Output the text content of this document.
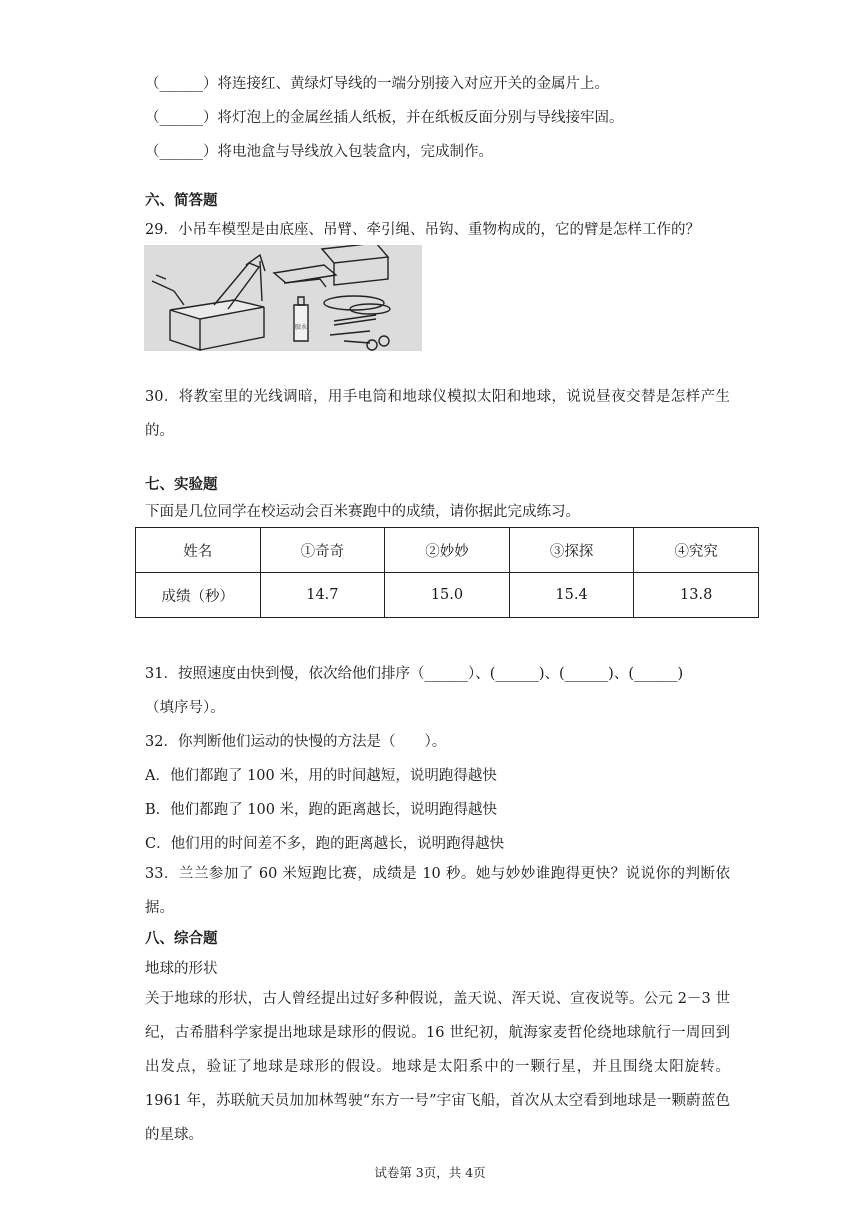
（______）将连接红、黄绿灯导线的一端分别接入对应开关的金属片上。
（______）将灯泡上的金属丝插人纸板，并在纸板反面分别与导线接牢固。
（______）将电池盒与导线放入包装盒内，完成制作。
六、简答题
29．小吊车模型是由底座、吊臂、牵引绳、吊钩、重物构成的，它的臂是怎样工作的？
胶水
30．将教室里的光线调暗，用手电筒和地球仪模拟太阳和地球，说说昼夜交替是怎样产生的。
七、实验题
下面是几位同学在校运动会百米赛跑中的成绩，请你据此完成练习。
姓名	①奇奇	②妙妙	③探探	④究究
成绩（秒）	14.7	15.0	15.4	13.8
31．按照速度由快到慢，依次给他们排序（______）、(______)、(______)、(______)
（填序号）。
32．你判断他们运动的快慢的方法是（　　）。
A．他们都跑了 100 米，用的时间越短，说明跑得越快
B．他们都跑了 100 米，跑的距离越长，说明跑得越快
C．他们用的时间差不多，跑的距离越长，说明跑得越快
33．兰兰参加了 60 米短跑比赛，成绩是 10 秒。她与妙妙谁跑得更快？说说你的判断依据。
八、综合题
地球的形状
关于地球的形状，古人曾经提出过好多种假说，盖天说、浑天说、宣夜说等。公元 2－3 世纪，古希腊科学家提出地球是球形的假说。16 世纪初，航海家麦哲伦绕地球航行一周回到出发点，验证了地球是球形的假设。地球是太阳系中的一颗行星，并且围绕太阳旋转。1961 年，苏联航天员加加林驾驶“东方一号”宇宙飞船，首次从太空看到地球是一颗蔚蓝色的星球。
试卷第 3页，共 4页
